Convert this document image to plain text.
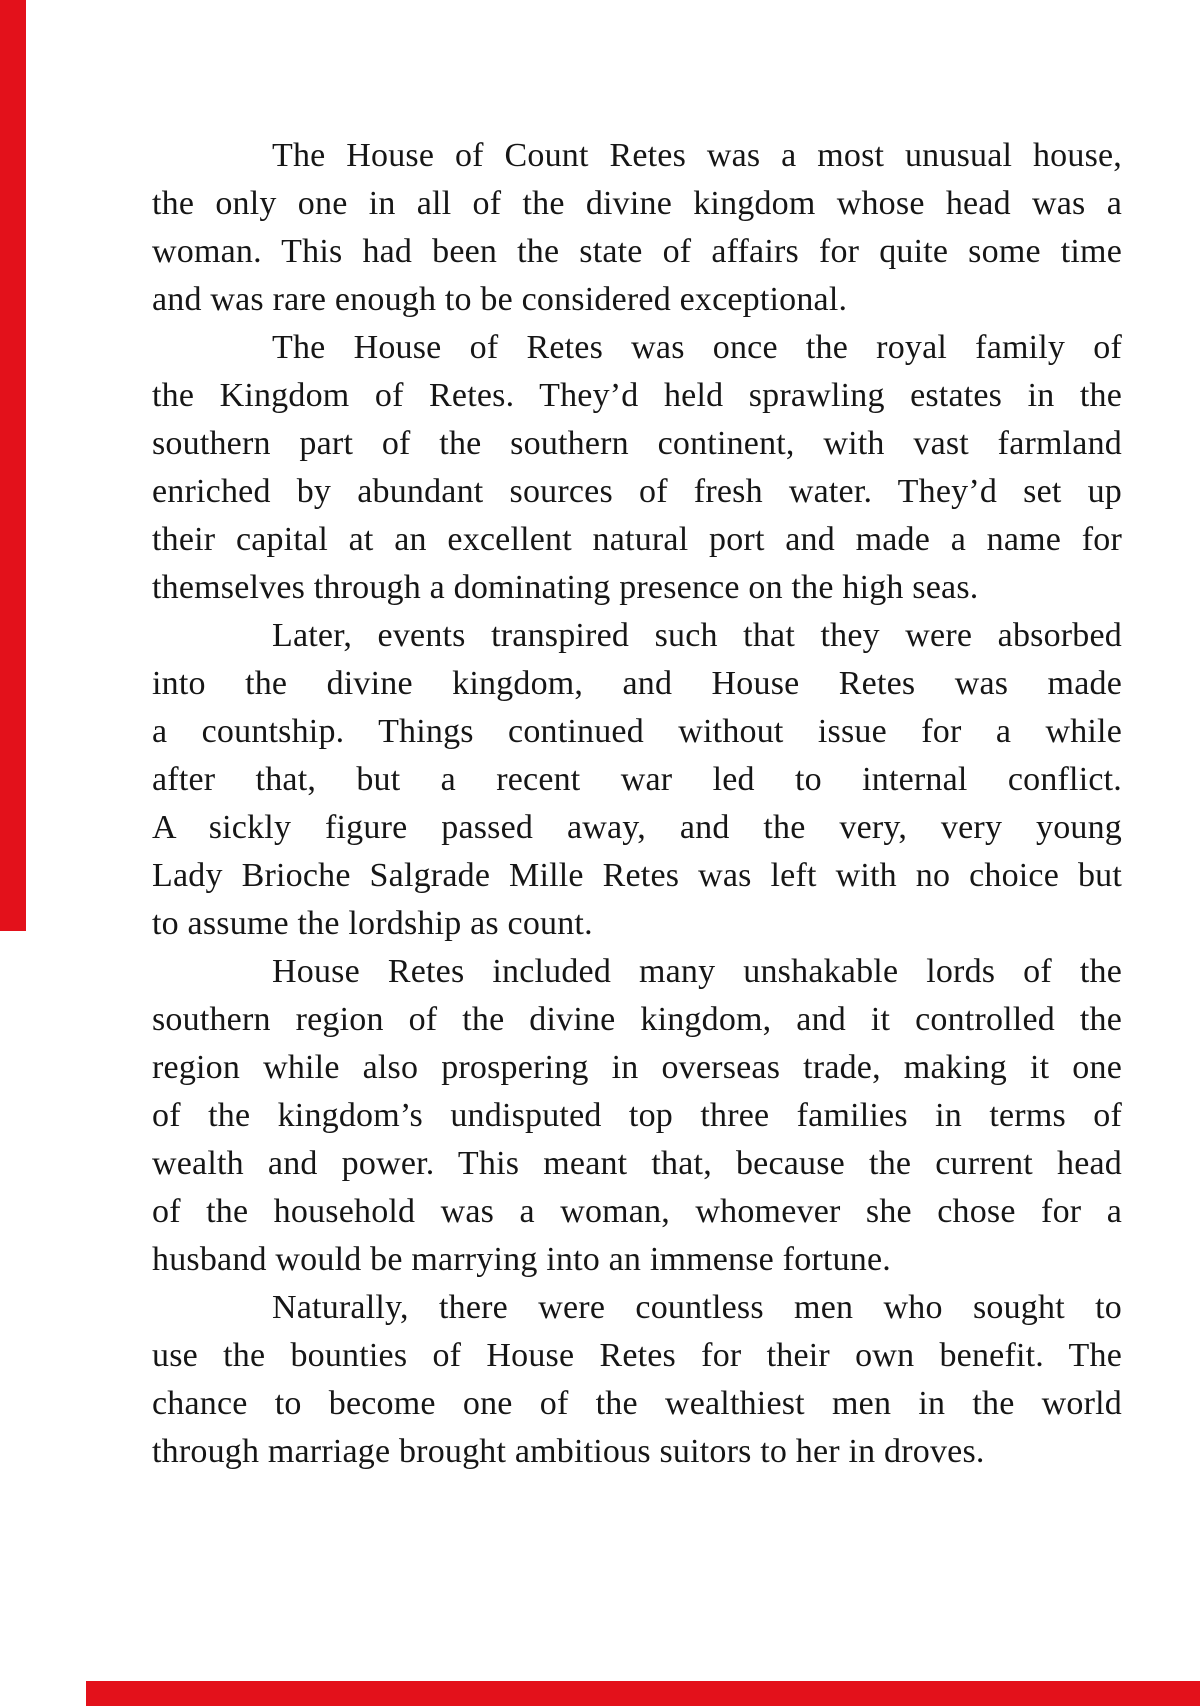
The House of Count Retes was a most unusual house,
the only one in all of the divine kingdom whose head was a
woman. This had been the state of affairs for quite some time
and was rare enough to be considered exceptional.
The House of Retes was once the royal family of
the Kingdom of Retes. They’d held sprawling estates in the
southern part of the southern continent, with vast farmland
enriched by abundant sources of fresh water. They’d set up
their capital at an excellent natural port and made a name for
themselves through a dominating presence on the high seas.
Later, events transpired such that they were absorbed
into the divine kingdom, and House Retes was made
a countship. Things continued without issue for a while
after that, but a recent war led to internal conflict.
A sickly figure passed away, and the very, very young
Lady Brioche Salgrade Mille Retes was left with no choice but
to assume the lordship as count.
House Retes included many unshakable lords of the
southern region of the divine kingdom, and it controlled the
region while also prospering in overseas trade, making it one
of the kingdom’s undisputed top three families in terms of
wealth and power. This meant that, because the current head
of the household was a woman, whomever she chose for a
husband would be marrying into an immense fortune.
Naturally, there were countless men who sought to
use the bounties of House Retes for their own benefit. The
chance to become one of the wealthiest men in the world
through marriage brought ambitious suitors to her in droves.
